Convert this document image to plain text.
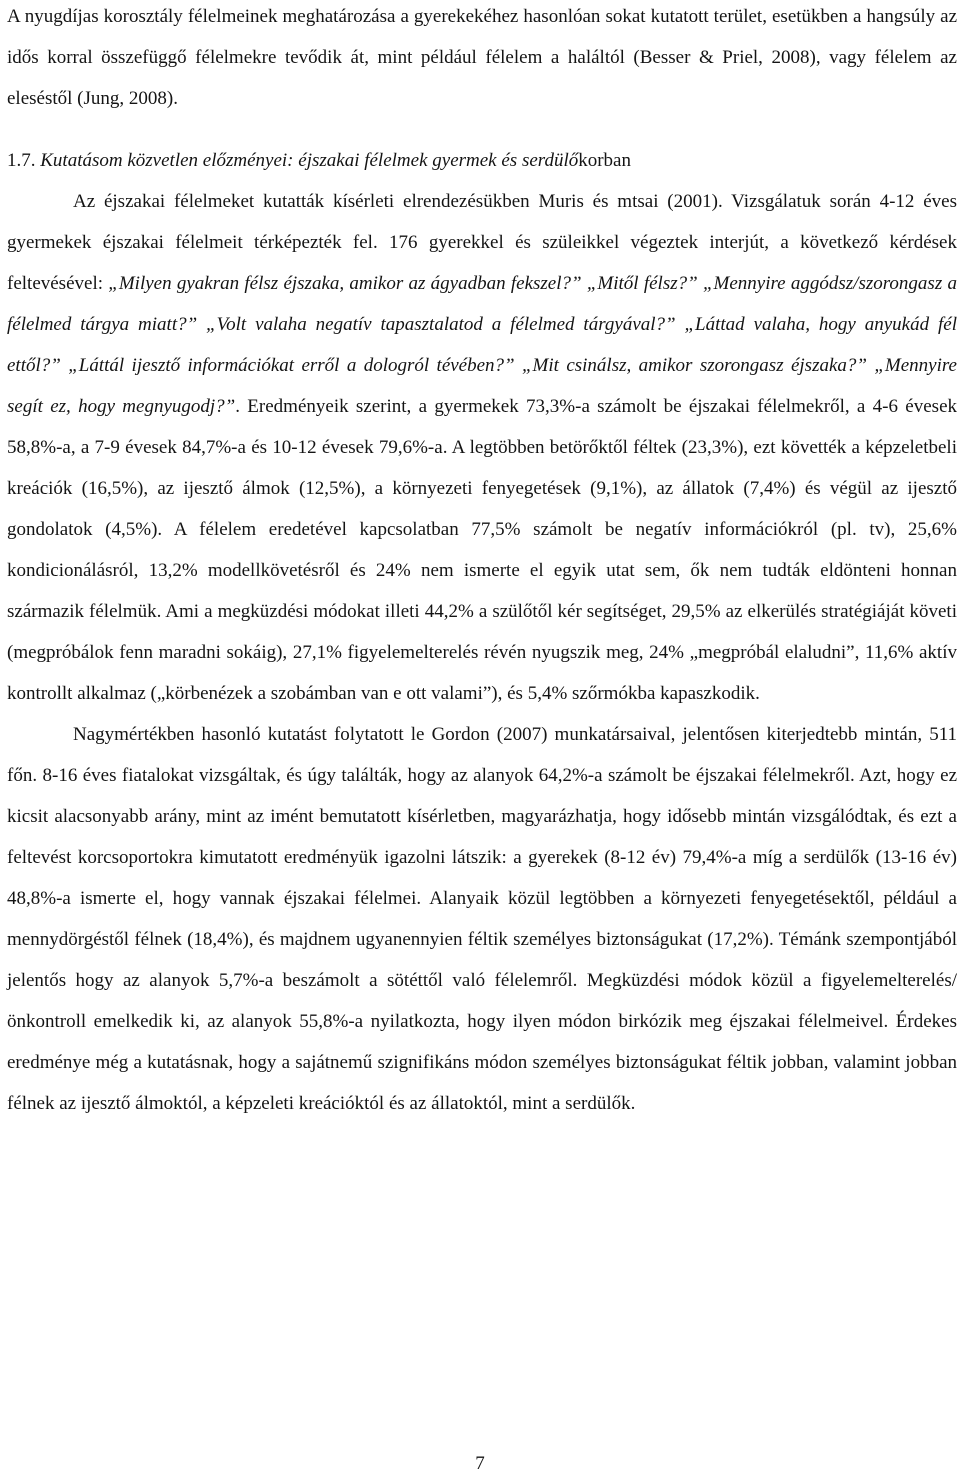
A nyugdíjas korosztály félelmeinek meghatározása a gyerekekéhez hasonlóan sokat kutatott terület, esetükben a hangsúly az idős korral összefüggő félelmekre tevődik át, mint például félelem a haláltól (Besser & Priel, 2008), vagy félelem az eleséstől (Jung, 2008).

1.7. Kutatásom közvetlen előzményei: éjszakai félelmek gyermek és serdülőkorban

Az éjszakai félelmeket kutatták kísérleti elrendezésükben Muris és mtsai (2001). Vizsgálatuk során 4-12 éves gyermekek éjszakai félelmeit térképezték fel. 176 gyerekkel és szüleikkel végeztek interjút, a következő kérdések feltevésével: „Milyen gyakran félsz éjszaka, amikor az ágyadban fekszel?” „Mitől félsz?” „Mennyire aggódsz/szorongasz a félelmed tárgya miatt?” „Volt valaha negatív tapasztalatod a félelmed tárgyával?” „Láttad valaha, hogy anyukád fél ettől?” „Láttál ijesztő információkat erről a dologról tévében?” „Mit csinálsz, amikor szorongasz éjszaka?” „Mennyire segít ez, hogy megnyugodj?”. Eredményeik szerint, a gyermekek 73,3%-a számolt be éjszakai félelmekről, a 4-6 évesek 58,8%-a, a 7-9 évesek 84,7%-a és 10-12 évesek 79,6%-a. A legtöbben betörőktől féltek (23,3%), ezt követték a képzeletbeli kreációk (16,5%), az ijesztő álmok (12,5%), a környezeti fenyegetések (9,1%), az állatok (7,4%) és végül az ijesztő gondolatok (4,5%). A félelem eredetével kapcsolatban 77,5% számolt be negatív információkról (pl. tv), 25,6% kondicionálásról, 13,2% modellkövetésről és 24% nem ismerte el egyik utat sem, ők nem tudták eldönteni honnan származik félelmük. Ami a megküzdési módokat illeti 44,2% a szülőtől kér segítséget, 29,5% az elkerülés stratégiáját követi (megpróbálok fenn maradni sokáig), 27,1% figyelemelterelés révén nyugszik meg, 24% „megpróbál elaludni”, 11,6% aktív kontrollt alkalmaz („körbenézek a szobámban van e ott valami”), és 5,4% szőrmókba kapaszkodik.

Nagymértékben hasonló kutatást folytatott le Gordon (2007) munkatársaival, jelentősen kiterjedtebb mintán, 511 főn. 8-16 éves fiatalokat vizsgáltak, és úgy találták, hogy az alanyok 64,2%-a számolt be éjszakai félelmekről. Azt, hogy ez kicsit alacsonyabb arány, mint az imént bemutatott kísérletben, magyarázhatja, hogy idősebb mintán vizsgálódtak, és ezt a feltevést korcsoportokra kimutatott eredményük igazolni látszik: a gyerekek (8-12 év) 79,4%-a míg a serdülők (13-16 év) 48,8%-a ismerte el, hogy vannak éjszakai félelmei. Alanyaik közül legtöbben a környezeti fenyegetésektől, például a mennydörgéstől félnek (18,4%), és majdnem ugyanennyien féltik személyes biztonságukat (17,2%). Témánk szempontjából jelentős hogy az alanyok 5,7%-a beszámolt a sötéttől való félelemről. Megküzdési módok közül a figyelemelterelés/önkontroll emelkedik ki, az alanyok 55,8%-a nyilatkozta, hogy ilyen módon birkózik meg éjszakai félelmeivel. Érdekes eredménye még a kutatásnak, hogy a sajátnemű szignifikáns módon személyes biztonságukat féltik jobban, valamint jobban félnek az ijesztő álmoktól, a képzeleti kreációktól és az állatoktól, mint a serdülők.

7
